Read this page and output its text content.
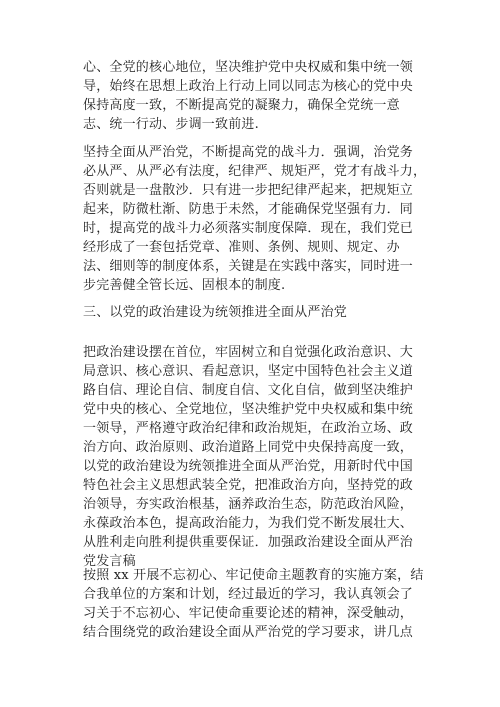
心、全党的核心地位，坚决维护党中央权威和集中统一领
导，始终在思想上政治上行动上同以同志为核心的党中央
保持高度一致，不断提高党的凝聚力，确保全党统一意
志、统一行动、步调一致前进.
坚持全面从严治党，不断提高党的战斗力．强调，治党务
必从严、从严必有法度，纪律严、规矩严，党才有战斗力，
否则就是一盘散沙．只有进一步把纪律严起来，把规矩立
起来，防微杜渐、防患于未然，才能确保党坚强有力．同
时，提高党的战斗力必须落实制度保障．现在，我们党已
经形成了一套包括党章、准则、条例、规则、规定、办
法、细则等的制度体系，关键是在实践中落实，同时进一
步完善健全管长远、固根本的制度.
三、以党的政治建设为统领推进全面从严治党
把政治建设摆在首位，牢固树立和自觉强化政治意识、大
局意识、核心意识、看起意识，坚定中国特色社会主义道
路自信、理论自信、制度自信、文化自信，做到坚决维护
党中央的核心、全党地位，坚决维护党中央权威和集中统
一领导，严格遵守政治纪律和政治规矩，在政治立场、政
治方向、政治原则、政治道路上同党中央保持高度一致，
以党的政治建设为统领推进全面从严治党，用新时代中国
特色社会主义思想武装全党，把准政治方向，坚持党的政
治领导，夯实政治根基，涵养政治生态，防范政治风险，
永葆政治本色，提高政治能力，为我们党不断发展壮大、
从胜利走向胜利提供重要保证．加强政治建设全面从严治
党发言稿
按照 xx 开展不忘初心、牢记使命主题教育的实施方案，结
合我单位的方案和计划，经过最近的学习，我认真领会了
习关于不忘初心、牢记使命重要论述的精神，深受触动，
结合围绕党的政治建设全面从严治党的学习要求，讲几点
